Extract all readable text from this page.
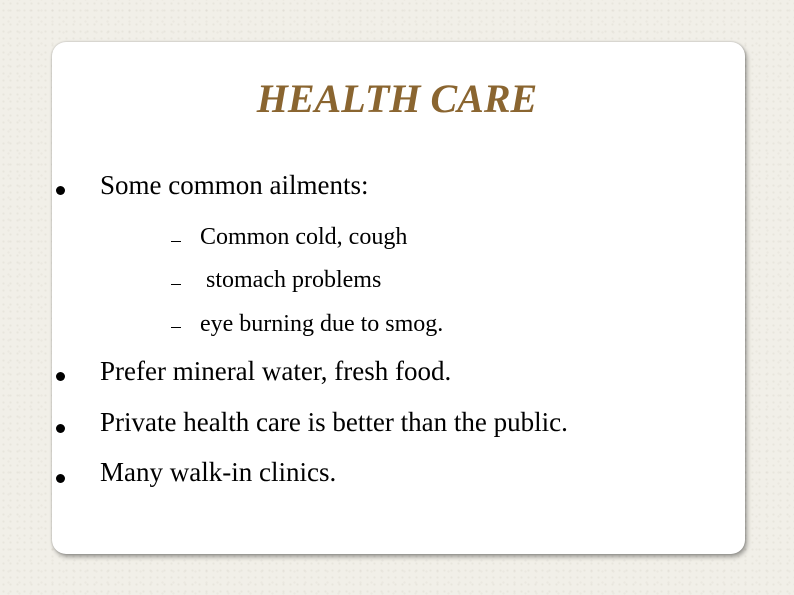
HEALTH CARE
Some common ailments:
Common cold, cough
stomach problems
eye burning due to smog.
Prefer mineral water, fresh food.
Private health care is better than the public.
Many walk-in clinics.
